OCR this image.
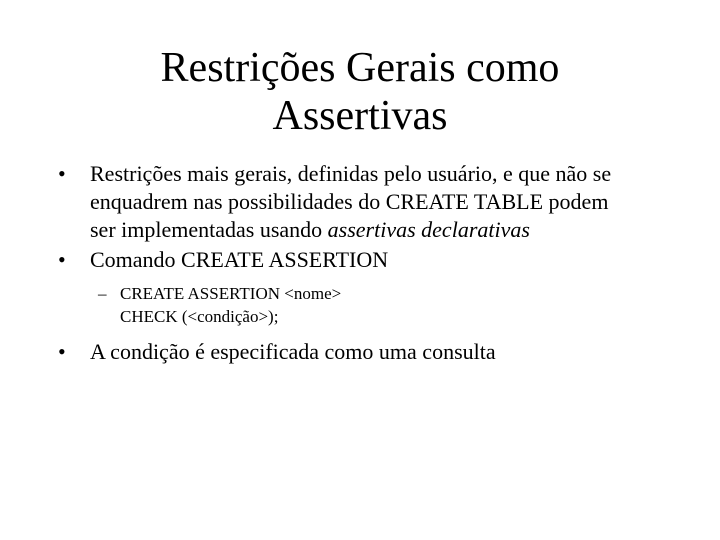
Restrições Gerais como
Assertivas
•	Restrições mais gerais, definidas pelo usuário, e que não se
enquadrem nas possibilidades do CREATE TABLE podem
ser implementadas usando assertivas declarativas
•	Comando CREATE ASSERTION
– CREATE ASSERTION <nome>
CHECK (<condição>);
•	A condição é especificada como uma consulta
